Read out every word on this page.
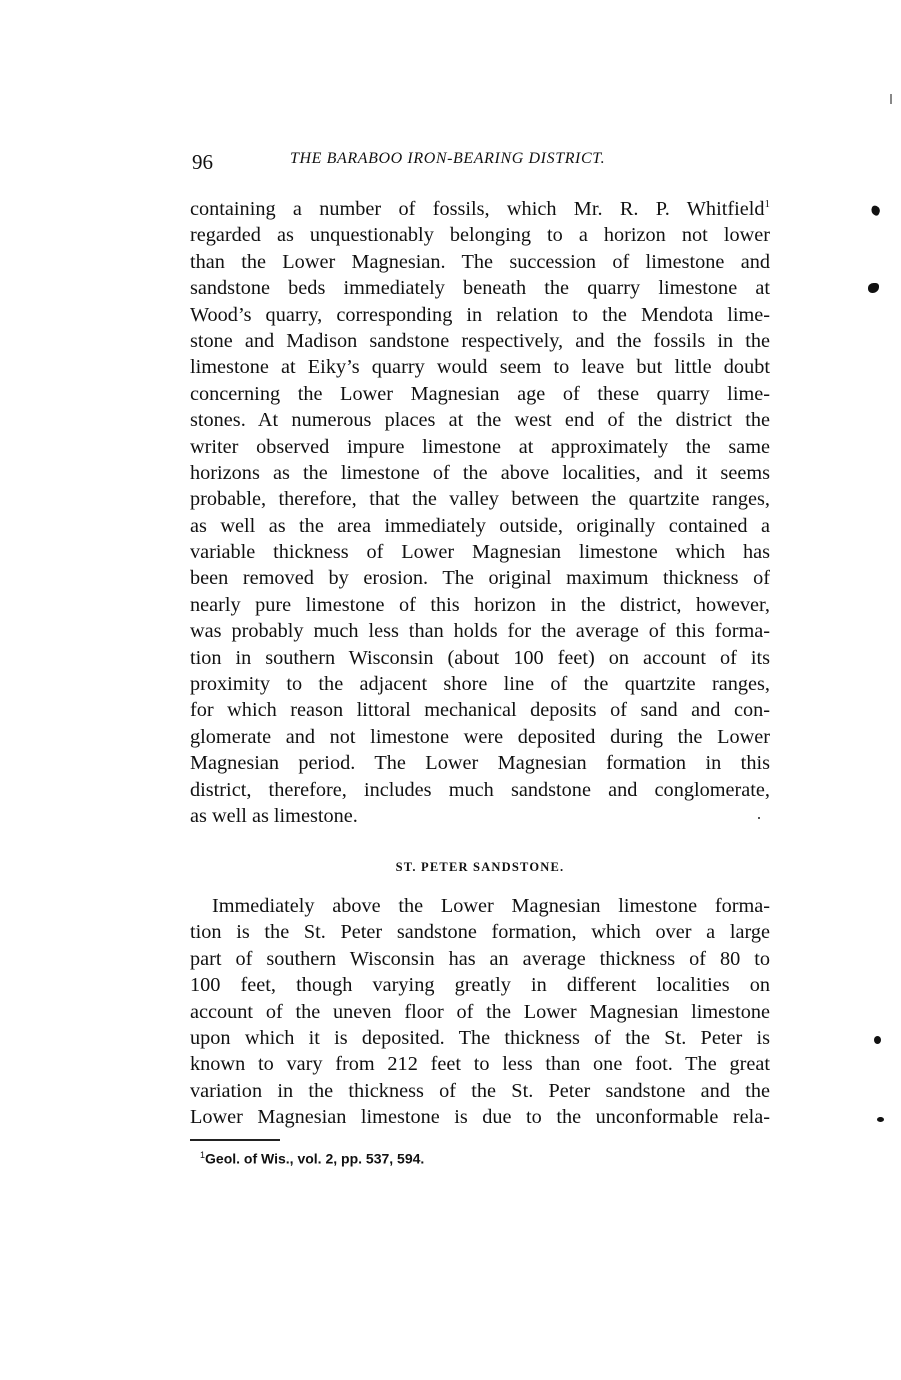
96	THE BARABOO IRON-BEARING DISTRICT.
containing a number of fossils, which Mr. R. P. Whitfield$^1$
regarded as unquestionably belonging to a horizon not lower
than the Lower Magnesian. The succession of limestone and
sandstone beds immediately beneath the quarry limestone at
Wood’s quarry, corresponding in relation to the Mendota lime-
stone and Madison sandstone respectively, and the fossils in the
limestone at Eiky’s quarry would seem to leave but little doubt
concerning the Lower Magnesian age of these quarry lime-
stones. At numerous places at the west end of the district the
writer observed impure limestone at approximately the same
horizons as the limestone of the above localities, and it seems
probable, therefore, that the valley between the quartzite ranges,
as well as the area immediately outside, originally contained a
variable thickness of Lower Magnesian limestone which has
been removed by erosion. The original maximum thickness of
nearly pure limestone of this horizon in the district, however,
was probably much less than holds for the average of this forma-
tion in southern Wisconsin (about 100 feet) on account of its
proximity to the adjacent shore line of the quartzite ranges,
for which reason littoral mechanical deposits of sand and con-
glomerate and not limestone were deposited during the Lower
Magnesian period. The Lower Magnesian formation in this
district, therefore, includes much sandstone and conglomerate,
as well as limestone.
ST. PETER SANDSTONE.
Immediately above the Lower Magnesian limestone forma-
tion is the St. Peter sandstone formation, which over a large
part of southern Wisconsin has an average thickness of 80 to
100 feet, though varying greatly in different localities on
account of the uneven floor of the Lower Magnesian limestone
upon which it is deposited. The thickness of the St. Peter is
known to vary from 212 feet to less than one foot. The great
variation in the thickness of the St. Peter sandstone and the
Lower Magnesian limestone is due to the unconformable rela-
$^1$Geol. of Wis., vol. 2, pp. 537, 594.
